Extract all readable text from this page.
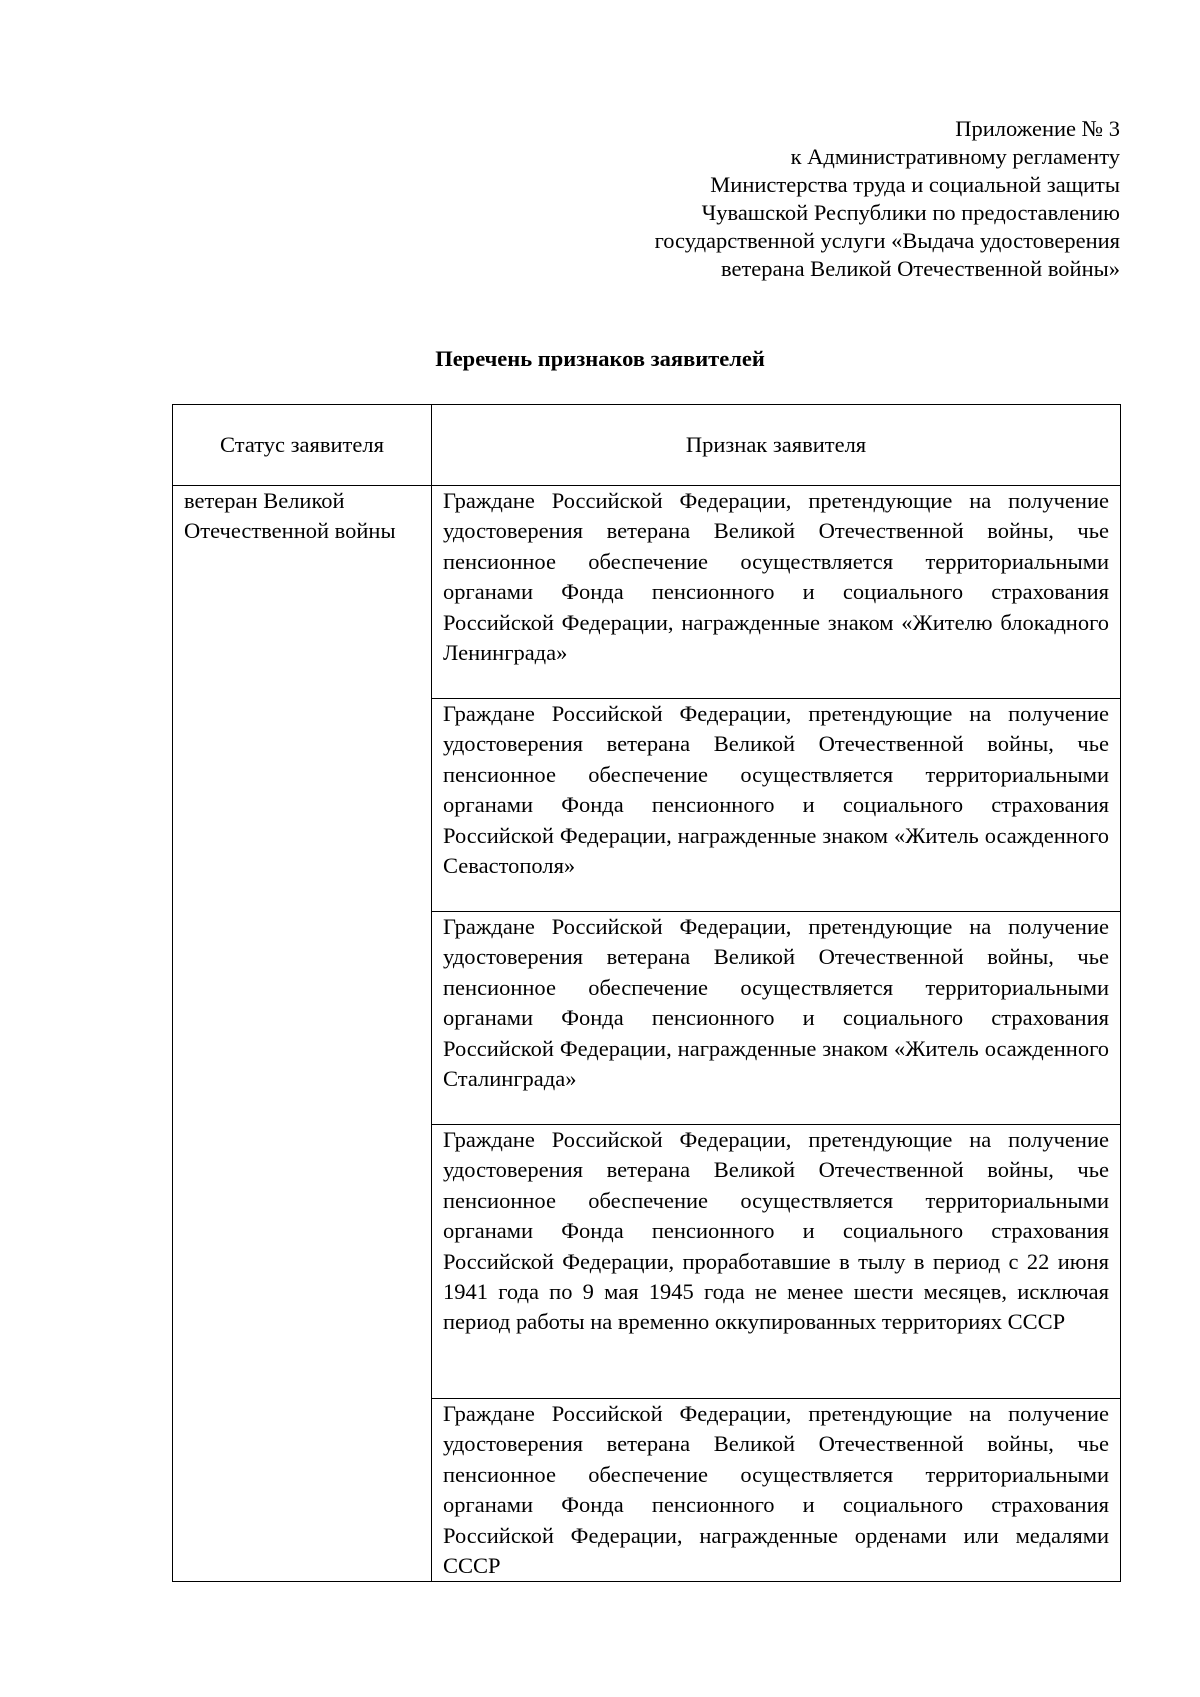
Приложение № 3
к Административному регламенту
Министерства труда и социальной защиты
Чувашской Республики по предоставлению
государственной услуги «Выдача удостоверения
ветерана Великой Отечественной войны»
Перечень признаков заявителей
Статус заявителя	Признак заявителя
ветеран Великой Отечественной войны	Граждане Российской Федерации, претендующие на получение удостоверения ветерана Великой Отечественной войны, чье пенсионное обеспечение осуществляется территориальными органами Фонда пенсионного и социального страхования Российской Федерации, награжденные знаком «Жителю блокадного Ленинграда»
	Граждане Российской Федерации, претендующие на получение удостоверения ветерана Великой Отечественной войны, чье пенсионное обеспечение осуществляется территориальными органами Фонда пенсионного и социального страхования Российской Федерации, награжденные знаком «Житель осажденного Севастополя»
	Граждане Российской Федерации, претендующие на получение удостоверения ветерана Великой Отечественной войны, чье пенсионное обеспечение осуществляется территориальными органами Фонда пенсионного и социального страхования Российской Федерации, награжденные знаком «Житель осажденного Сталинграда»
	Граждане Российской Федерации, претендующие на получение удостоверения ветерана Великой Отечественной войны, чье пенсионное обеспечение осуществляется территориальными органами Фонда пенсионного и социального страхования Российской Федерации, проработавшие в тылу в период с 22 июня 1941 года по 9 мая 1945 года не менее шести месяцев, исключая период работы на временно оккупированных территориях СССР
	Граждане Российской Федерации, претендующие на получение удостоверения ветерана Великой Отечественной войны, чье пенсионное обеспечение осуществляется территориальными органами Фонда пенсионного и социального страхования Российской Федерации, награжденные орденами или медалями СССР
